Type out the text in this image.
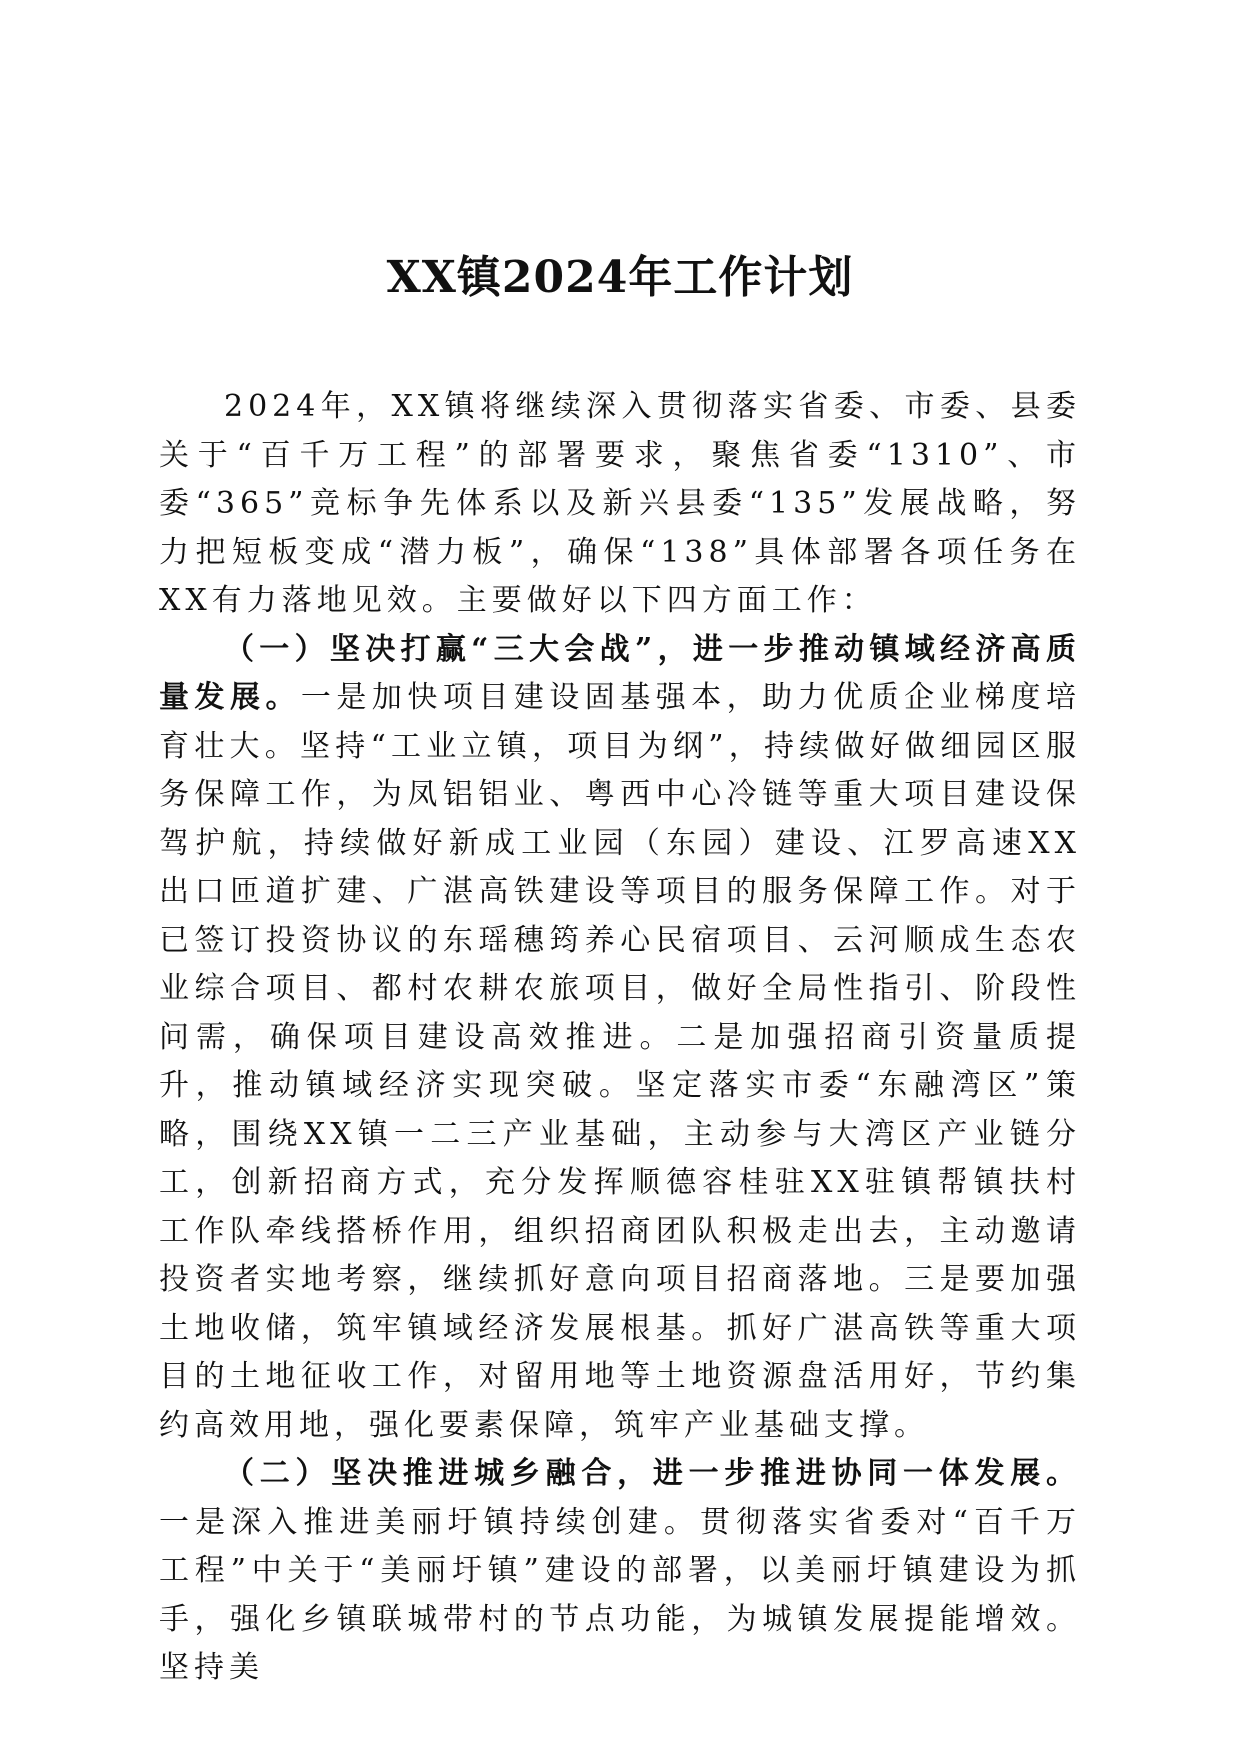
XX镇2024年工作计划

2024年，XX镇将继续深入贯彻落实省委、市委、县委关于“百千万工程”的部署要求，聚焦省委“1310”、市委“365”竞标争先体系以及新兴县委“135”发展战略，努力把短板变成“潜力板”，确保“138”具体部署各项任务在XX有力落地见效。主要做好以下四方面工作：

（一）坚决打赢“三大会战”，进一步推动镇域经济高质量发展。一是加快项目建设固基强本，助力优质企业梯度培育壮大。坚持“工业立镇，项目为纲”，持续做好做细园区服务保障工作，为凤铝铝业、粤西中心冷链等重大项目建设保驾护航，持续做好新成工业园（东园）建设、江罗高速XX出口匝道扩建、广湛高铁建设等项目的服务保障工作。对于已签订投资协议的东瑶穗筠养心民宿项目、云河顺成生态农业综合项目、都村农耕农旅项目，做好全局性指引、阶段性问需，确保项目建设高效推进。二是加强招商引资量质提升，推动镇域经济实现突破。坚定落实市委“东融湾区”策略，围绕XX镇一二三产业基础，主动参与大湾区产业链分工，创新招商方式，充分发挥顺德容桂驻XX驻镇帮镇扶村工作队牵线搭桥作用，组织招商团队积极走出去，主动邀请投资者实地考察，继续抓好意向项目招商落地。三是要加强土地收储，筑牢镇域经济发展根基。抓好广湛高铁等重大项目的土地征收工作，对留用地等土地资源盘活用好，节约集约高效用地，强化要素保障，筑牢产业基础支撑。

（二）坚决推进城乡融合，进一步推进协同一体发展。一是深入推进美丽圩镇持续创建。贯彻落实省委对“百千万工程”中关于“美丽圩镇”建设的部署，以美丽圩镇建设为抓手，强化乡镇联城带村的节点功能，为城镇发展提能增效。坚持美
